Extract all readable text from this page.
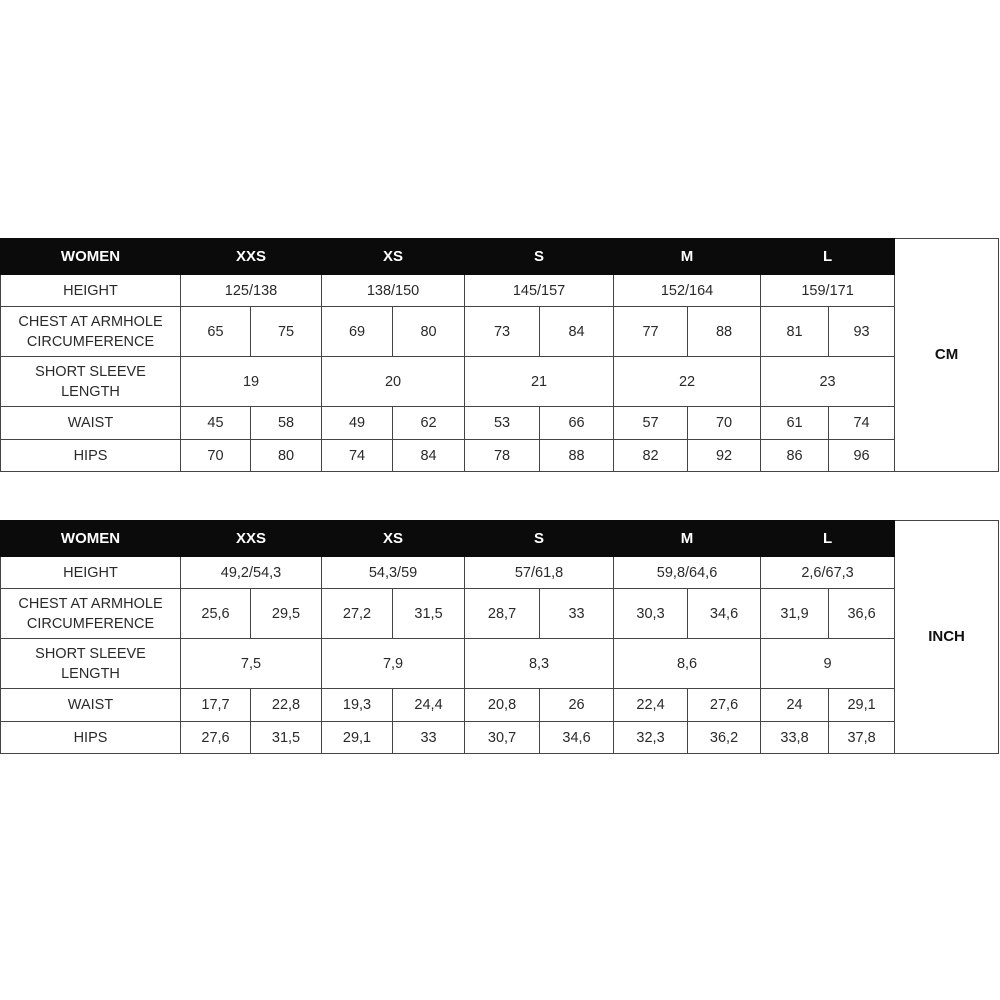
WOMEN	XXS		XS		S		M		L		CM
HEIGHT	125/138		138/150		145/157		152/164		159/171		

CHEST AT ARMHOLE
CIRCUMFERENCE	65	75	69	80	73	84	77	88	81	93	

SHORT SLEEVE
LENGTH	19		20		21		22		23		
WAIST	45	58	49	62	53	66	57	70	61	74	
HIPS	70	80	74	84	78	88	82	92	86	96	
WOMEN	XXS		XS		S		M		L		INCH
HEIGHT	49,2/54,3		54,3/59		57/61,8		59,8/64,6		2,6/67,3		

CHEST AT ARMHOLE
CIRCUMFERENCE	25,6	29,5	27,2	31,5	28,7	33	30,3	34,6	31,9	36,6	

SHORT SLEEVE
LENGTH	7,5		7,9		8,3		8,6		9		
WAIST	17,7	22,8	19,3	24,4	20,8	26	22,4	27,6	24	29,1	
HIPS	27,6	31,5	29,1	33	30,7	34,6	32,3	36,2	33,8	37,8	
